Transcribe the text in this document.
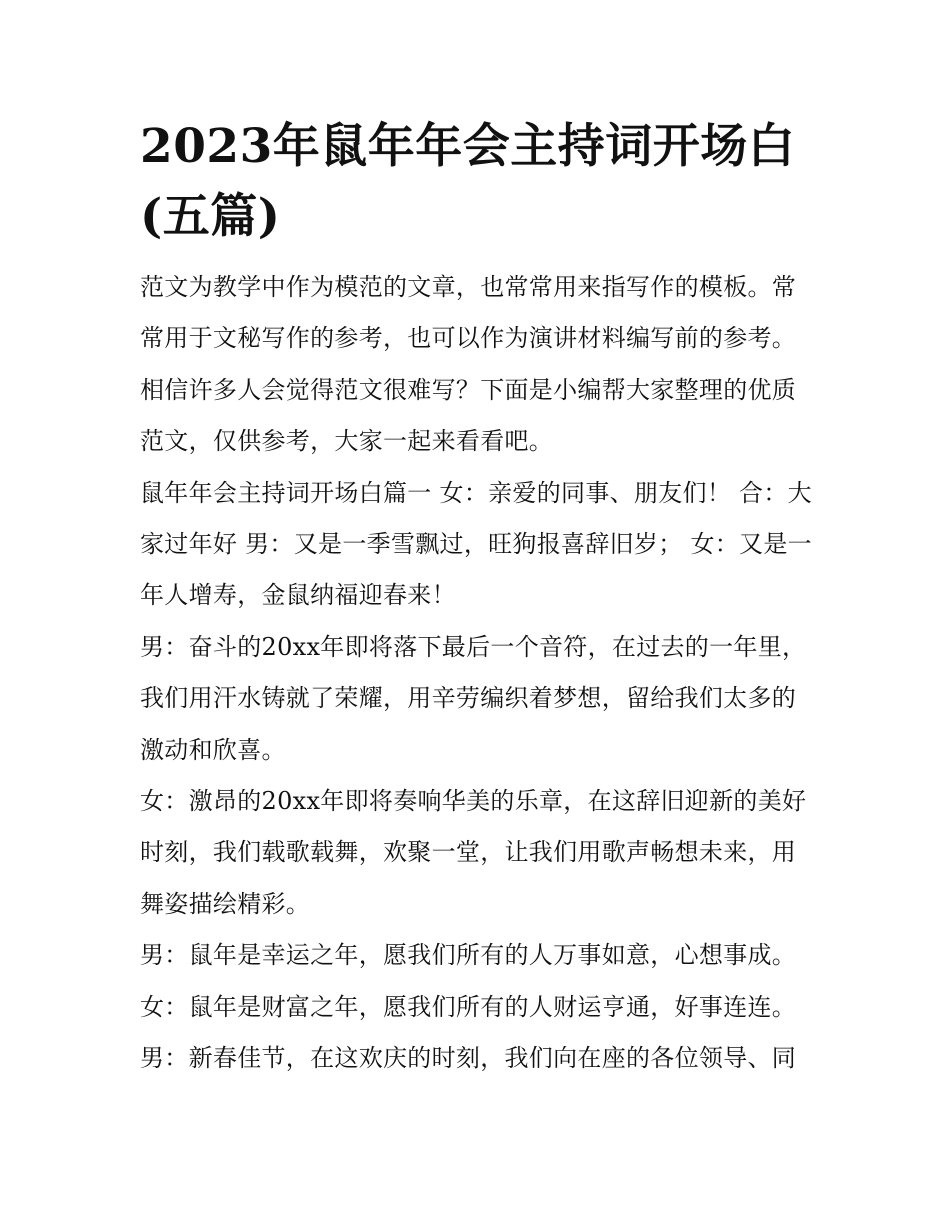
2023年鼠年年会主持词开场白(五篇)

范文为教学中作为模范的文章，也常常用来指写作的模板。常常用于文秘写作的参考，也可以作为演讲材料编写前的参考。相信许多人会觉得范文很难写？下面是小编帮大家整理的优质范文，仅供参考，大家一起来看看吧。

鼠年年会主持词开场白篇一 女：亲爱的同事、朋友们！ 合：大家过年好 男：又是一季雪飘过，旺狗报喜辞旧岁； 女：又是一年人增寿，金鼠纳福迎春来！

男：奋斗的20xx年即将落下最后一个音符，在过去的一年里，我们用汗水铸就了荣耀，用辛劳编织着梦想，留给我们太多的激动和欣喜。

女：激昂的20xx年即将奏响华美的乐章，在这辞旧迎新的美好时刻，我们载歌载舞，欢聚一堂，让我们用歌声畅想未来，用舞姿描绘精彩。

男：鼠年是幸运之年，愿我们所有的人万事如意，心想事成。

女：鼠年是财富之年，愿我们所有的人财运亨通，好事连连。

男：新春佳节，在这欢庆的时刻，我们向在座的各位领导、同
